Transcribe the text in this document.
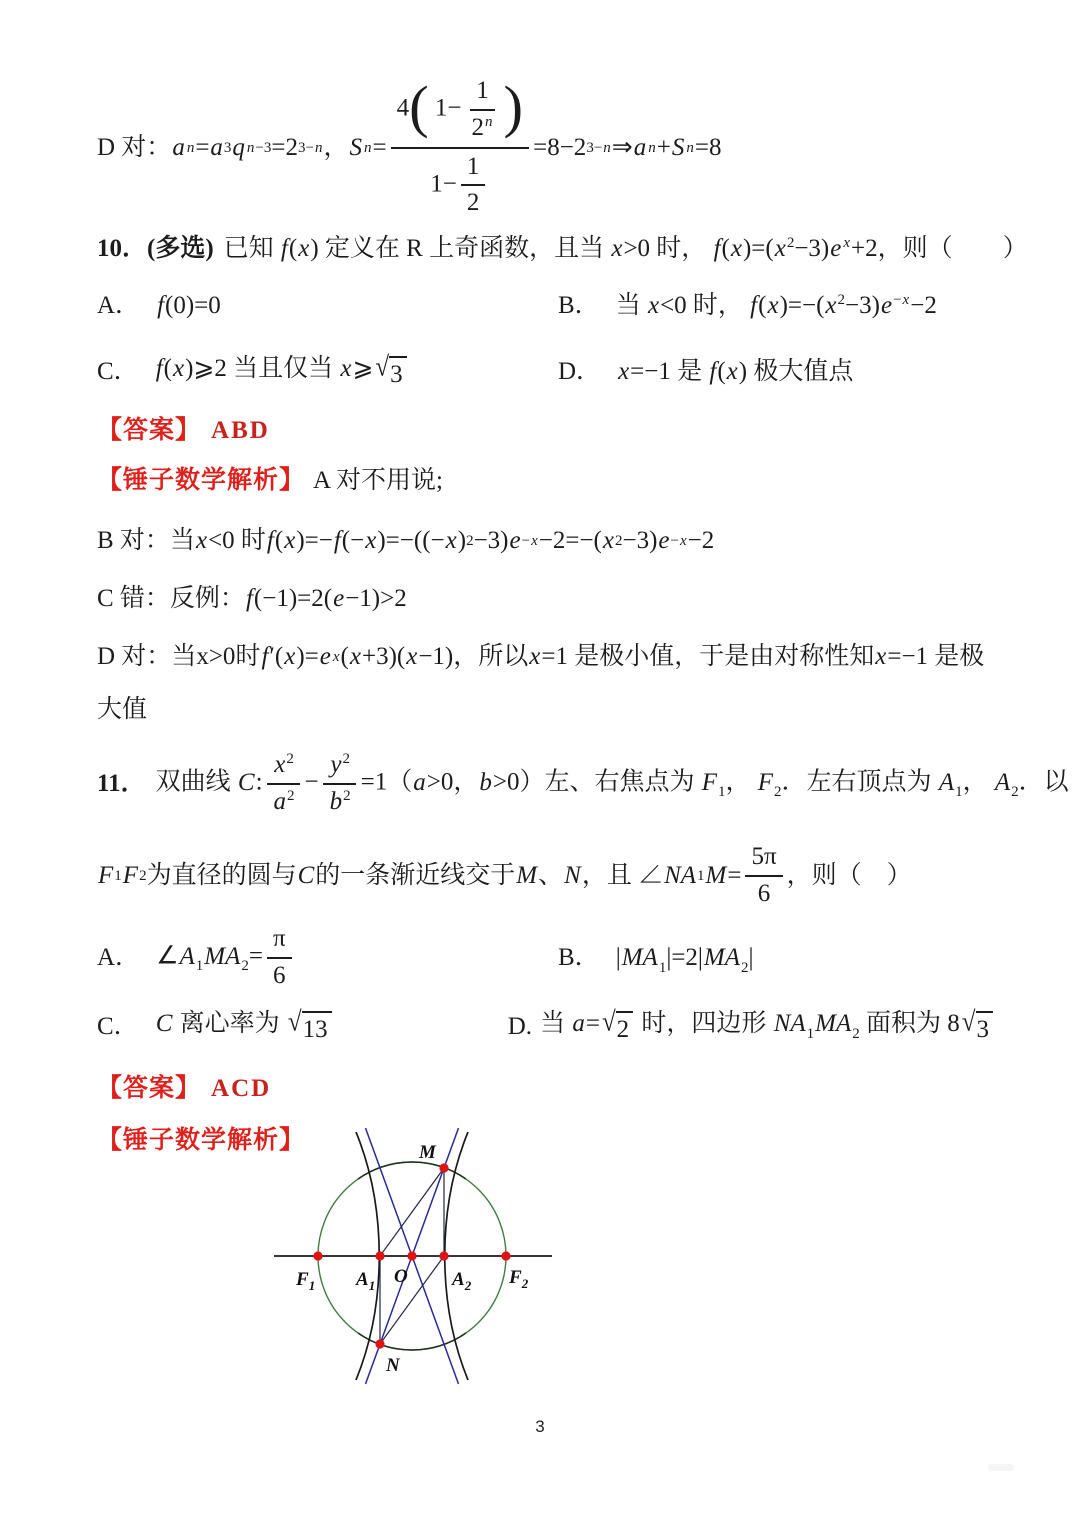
D 对： a n = a 3 q n−3 =2 3−n ， S $n = \frac{4( 1- \frac{1}{2^n} )}{1- \frac{1}{2}} =8-2$ 3−n ⇒ a n + S n =8
10．(多选) 已知 f(x) 定义在 R 上奇函数，且当 x>0 时， $f(x)=(x^2-3)e$ $^x$+2，则（　　）
A． f(0)=0	B． 当 x<0 时， $f(x)=-(x^2-3)e^{-x}-2$
C． f(x)⩾2 当且仅当 x⩾ √ 3	D． x=−1 是 f(x) 极大值点
【答案】 ABD
【锤子数学解析】 A 对不用说;
B 对： 当 x <0 时 f ( x )=− f (− x )=−((− x ) 2 −3) e −x −2=−( x 2 −3) e −x −2
C 错：反例： f (−1)=2( e −1)>2
D 对： 当 x>0 时 f ′( x )= e x ( x +3)( x −1)，所以 x =1 是极小值，于是由对称性知 x =−1 是极
大值
11． 双曲线 C: $\frac{x^2}{a^2} - \frac{y^2}{b^2} =1(a>0$，b>0）左、右焦点为 $F_1$， $F_2$．左右顶点为 $A_1$， $A_2$．以
F 1 F 2 为直径的圆与 C 的一条渐近线交于 M 、 N ，且 ∠ NA 1 $M = \frac{5\pi}{6}$ ，则（　）
A． $\angle A_1MA_2= \frac{\pi}{6}$	B． $|MA_1|=2|MA_2|$
C． C 离心率为 √ 13	D. 当 a= √ 2 时，四边形 $NA_1MA_2$ 面积为 8 √ 3
【答案】 ACD
【锤子数学解析】	M
$F_1$ $A_1$ O $A_2$ $F_2$
N
3
